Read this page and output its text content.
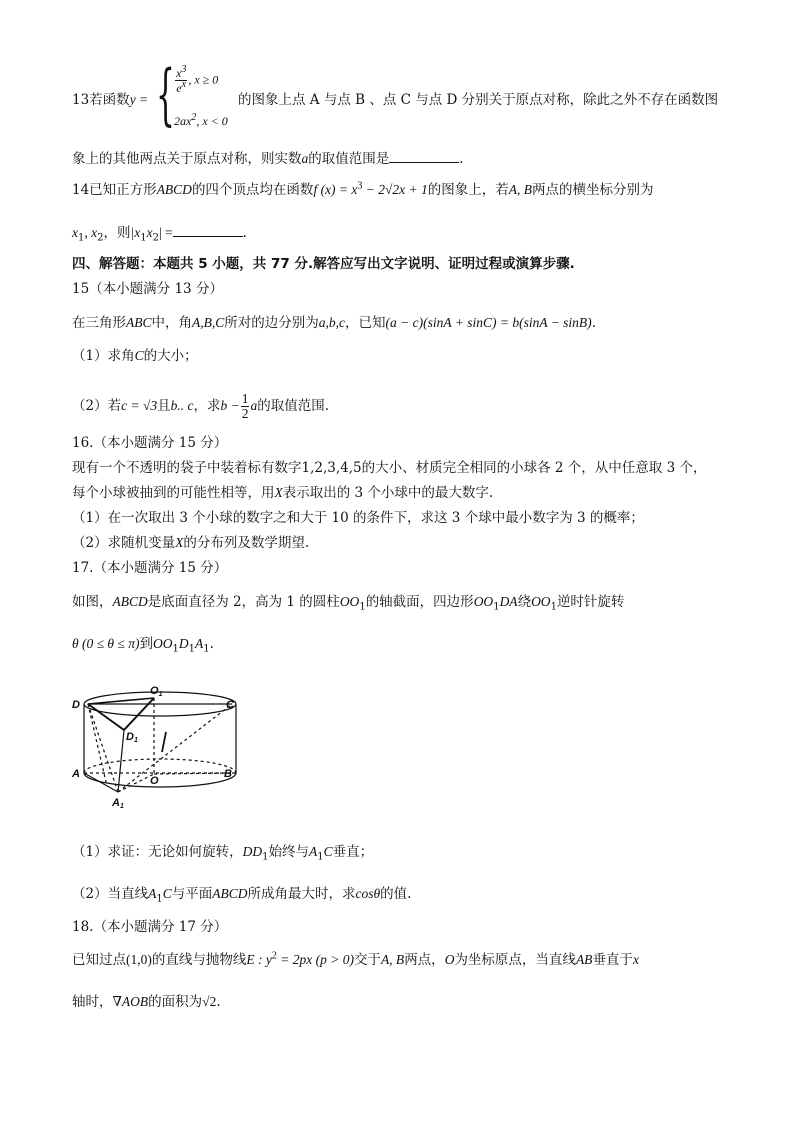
13若函数y = { $\frac{x^3}{e^x}$ , x ≥ 0
$2ax^2$, x < 0
的图象上点 A 与点 B 、点 C 与点 D 分别关于原点对称，除此之外不存在函数图
象上的其他两点关于原点对称，则实数a的取值范围是	.
14已知正方形ABCD的四个顶点均在函数f $(x) = x^3 - 2√2x + 1$的图象上，若A, B两点的横坐标分别为
$x_1$, $x_2$，则$|x_1x_2|$ =	.
四、解答题：本题共 5 小题，共 77 分.解答应写出文字说明、证明过程或演算步骤.
15（本小题满分 13 分）
在三角形ABC中，角A,B,C所对的边分别为a,b,c，已知(a − c)(sinA + sinC) = b(sinA − sinB).
（1）求角C的大小；
（2）若c = √3且b.. c，求$b - \frac{1}{2}$ a的取值范围.
16.（本小题满分 15 分）
现有一个不透明的袋子中装着标有数字1,2,3,4,5的大小、材质完全相同的小球各 2 个，从中任意取 3 个，
每个小球被抽到的可能性相等，用X表示取出的 3 个小球中的最大数字.
（1）在一次取出 3 个小球的数字之和大于 10 的条件下，求这 3 个球中最小数字为 3 的概率；
（2）求随机变量X的分布列及数学期望.
17.（本小题满分 15 分）
如图，ABCD是底面直径为 2，高为 1 的圆柱$OO_1$的轴截面，四边形$OO_1DA$绕$OO_1$逆时针旋转
θ (0 ≤ θ ≤ π)到$OO_1D_1A_1$.
D
O1
C
D1
A
O
B
A1
（1）求证：无论如何旋转，$DD_1$始终与$A_1C$垂直；
（2）当直线$A_1C$与平面ABCD所成角最大时，求cosθ的值.
18.（本小题满分 17 分）
已知过点(1,0)的直线与抛物线E : $y^2 = 2px$ (p > 0)交于A, B两点，O为坐标原点，当直线AB垂直于x
轴时，∇AOB的面积为√2.
